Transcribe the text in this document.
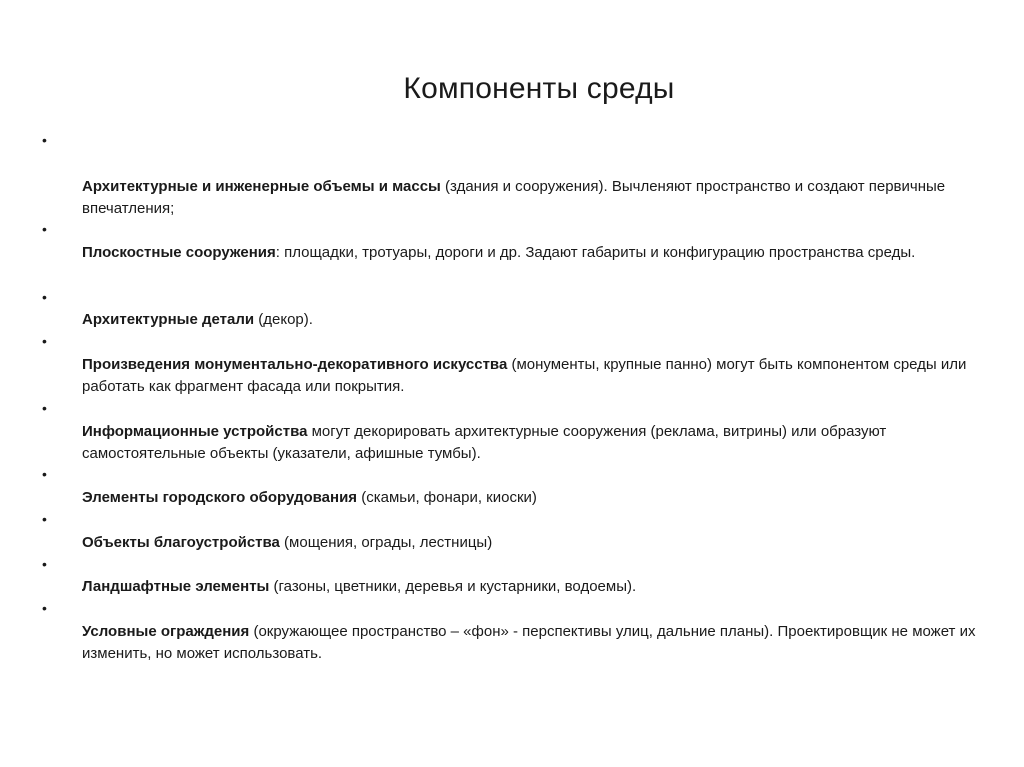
Компоненты среды
•
Архитектурные и инженерные объемы и массы (здания и сооружения). Вычленяют пространство и создают первичные впечатления;
•
Плоскостные сооружения: площадки, тротуары, дороги и др. Задают габариты и конфигурацию пространства среды.
•
Архитектурные детали (декор).
•
Произведения монументально-декоративного искусства (монументы, крупные панно) могут быть компонентом среды или работать как фрагмент фасада или покрытия.
•
Информационные устройства могут декорировать архитектурные сооружения (реклама, витрины) или образуют самостоятельные объекты (указатели, афишные тумбы).
•
Элементы городского оборудования (скамьи, фонари, киоски)
•
Объекты благоустройства (мощения, ограды, лестницы)
•
Ландшафтные элементы (газоны, цветники, деревья и кустарники, водоемы).
•
Условные ограждения (окружающее пространство – «фон» - перспективы улиц, дальние планы). Проектировщик не может их изменить, но может использовать.
